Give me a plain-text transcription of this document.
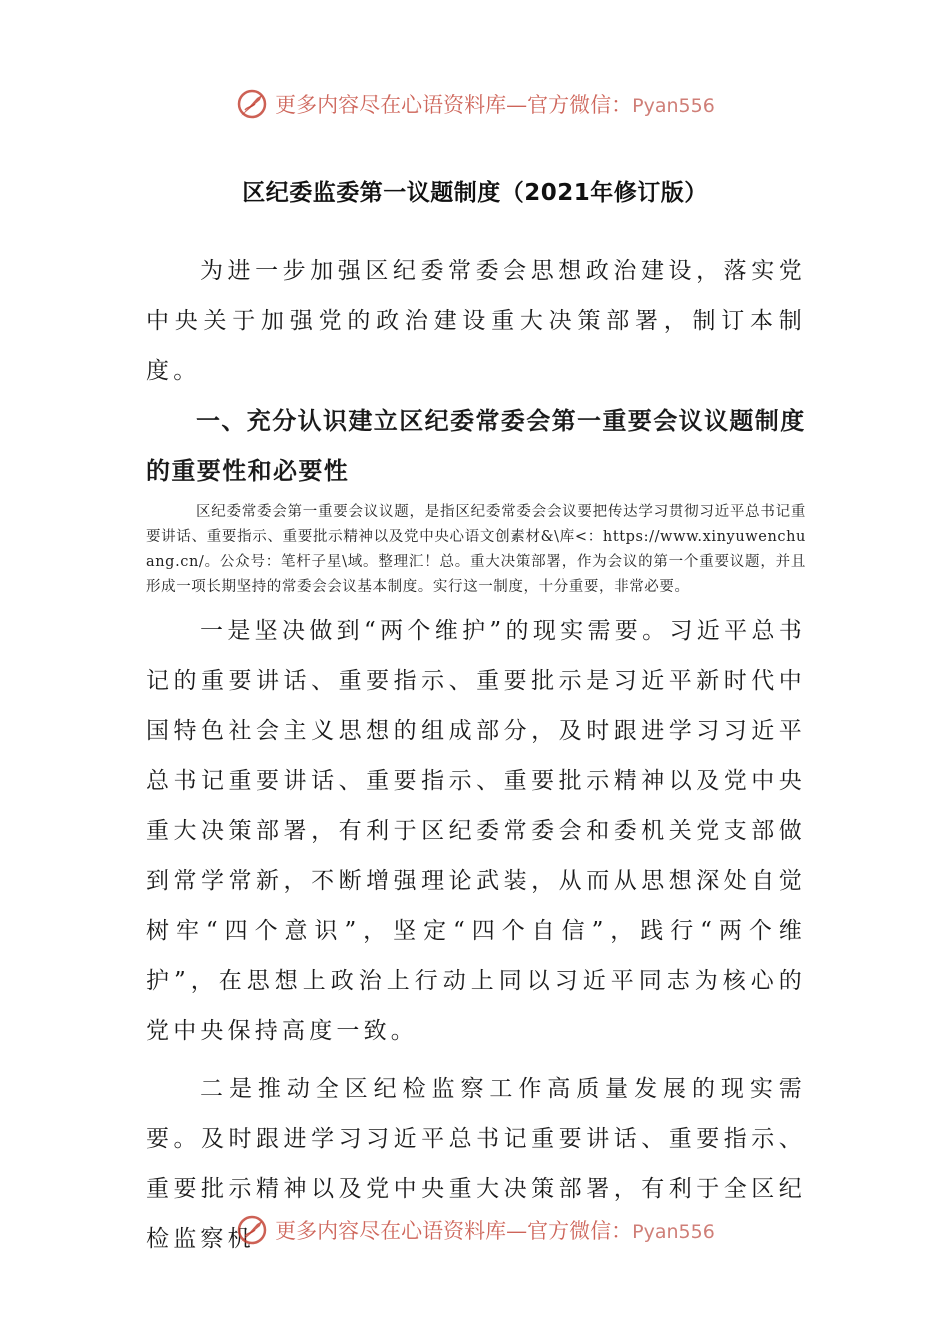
更多内容尽在心语资料库—官方微信：Pyan556
区纪委监委第一议题制度（2021年修订版）

为进一步加强区纪委常委会思想政治建设，落实党中央关于加强党的政治建设重大决策部署，制订本制度。

一、充分认识建立区纪委常委会第一重要会议议题制度的重要性和必要性

区纪委常委会第一重要会议议题，是指区纪委常委会会议要把传达学习贯彻习近平总书记重要讲话、重要指示、重要批示精神以及党中央心语文创素材&\库<：https://www.xinyuwenchuang.cn/。公众号：笔杆子星\域。整理汇！总。重大决策部署，作为会议的第一个重要议题，并且形成一项长期坚持的常委会会议基本制度。实行这一制度，十分重要，非常必要。

一是坚决做到“两个维护”的现实需要。习近平总书记的重要讲话、重要指示、重要批示是习近平新时代中国特色社会主义思想的组成部分，及时跟进学习习近平总书记重要讲话、重要指示、重要批示精神以及党中央重大决策部署，有利于区纪委常委会和委机关党支部做到常学常新，不断增强理论武装，从而从思想深处自觉树牢“四个意识”，坚定“四个自信”，践行“两个维护”，在思想上政治上行动上同以习近平同志为核心的党中央保持高度一致。

二是推动全区纪检监察工作高质量发展的现实需要。及时跟进学习习近平总书记重要讲话、重要指示、重要批示精神以及党中央重大决策部署，有利于全区纪检监察机 更多内容尽在心语资料库—官方微信：Pyan556
